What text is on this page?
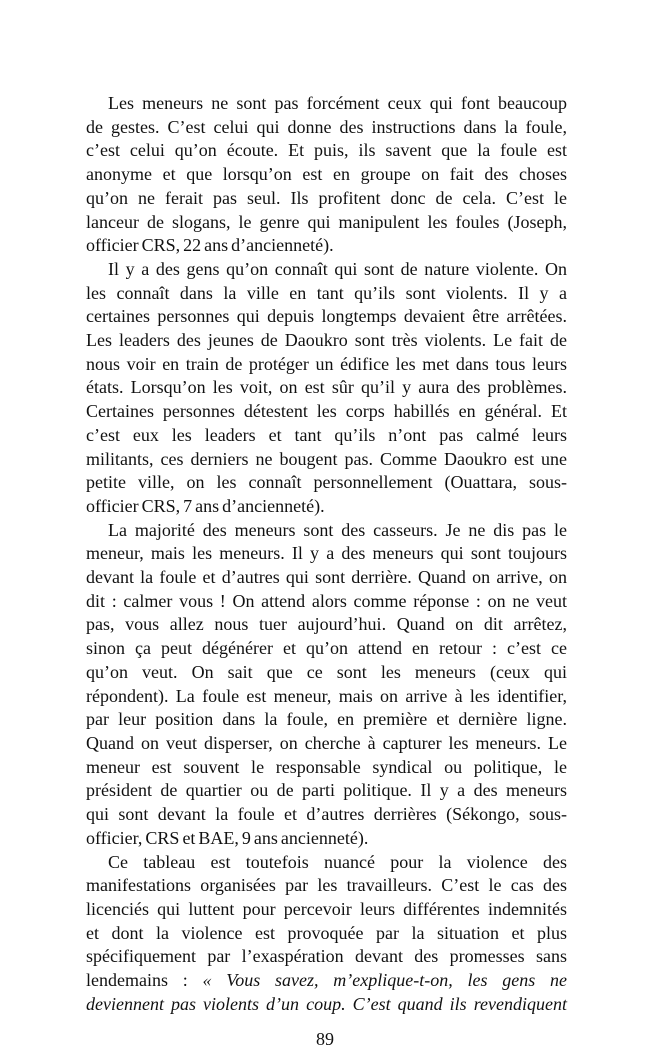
Les meneurs ne sont pas forcément ceux qui font beaucoup
de gestes. C’est celui qui donne des instructions dans la foule,
c’est celui qu’on écoute. Et puis, ils savent que la foule est
anonyme et que lorsqu’on est en groupe on fait des choses
qu’on ne ferait pas seul. Ils profitent donc de cela. C’est le
lanceur de slogans, le genre qui manipulent les foules (Joseph,
officier CRS, 22 ans d’ancienneté).
Il y a des gens qu’on connaît qui sont de nature violente. On
les connaît dans la ville en tant qu’ils sont violents. Il y a
certaines personnes qui depuis longtemps devaient être arrêtées.
Les leaders des jeunes de Daoukro sont très violents. Le fait de
nous voir en train de protéger un édifice les met dans tous leurs
états. Lorsqu’on les voit, on est sûr qu’il y aura des problèmes.
Certaines personnes détestent les corps habillés en général. Et
c’est eux les leaders et tant qu’ils n’ont pas calmé leurs
militants, ces derniers ne bougent pas. Comme Daoukro est une
petite ville, on les connaît personnellement (Ouattara, sous-
officier CRS, 7 ans d’ancienneté).
La majorité des meneurs sont des casseurs. Je ne dis pas le
meneur, mais les meneurs. Il y a des meneurs qui sont toujours
devant la foule et d’autres qui sont derrière. Quand on arrive, on
dit : calmer vous ! On attend alors comme réponse : on ne veut
pas, vous allez nous tuer aujourd’hui. Quand on dit arrêtez,
sinon ça peut dégénérer et qu’on attend en retour : c’est ce
qu’on veut. On sait que ce sont les meneurs (ceux qui
répondent). La foule est meneur, mais on arrive à les identifier,
par leur position dans la foule, en première et dernière ligne.
Quand on veut disperser, on cherche à capturer les meneurs. Le
meneur est souvent le responsable syndical ou politique, le
président de quartier ou de parti politique. Il y a des meneurs
qui sont devant la foule et d’autres derrières (Sékongo, sous-
officier, CRS et BAE, 9 ans ancienneté).
Ce tableau est toutefois nuancé pour la violence des
manifestations organisées par les travailleurs. C’est le cas des
licenciés qui luttent pour percevoir leurs différentes indemnités
et dont la violence est provoquée par la situation et plus
spécifiquement par l’exaspération devant des promesses sans
lendemains : « Vous savez, m’explique-t-on, les gens ne
deviennent pas violents d’un coup. C’est quand ils revendiquent
89
